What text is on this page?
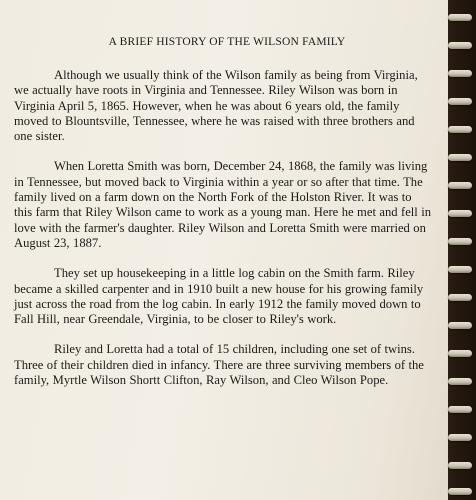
A BRIEF HISTORY OF THE WILSON FAMILY

Although we usually think of the Wilson family as being from Virginia, we actually have roots in Virginia and Tennessee. Riley Wilson was born in Virginia April 5, 1865. However, when he was about 6 years old, the family moved to Blountsville, Tennessee, where he was raised with three brothers and one sister.

When Loretta Smith was born, December 24, 1868, the family was living in Tennessee, but moved back to Virginia within a year or so after that time. The family lived on a farm down on the North Fork of the Holston River. It was to this farm that Riley Wilson came to work as a young man. Here he met and fell in love with the farmer's daughter. Riley Wilson and Loretta Smith were married on August 23, 1887.

They set up housekeeping in a little log cabin on the Smith farm. Riley became a skilled carpenter and in 1910 built a new house for his growing family just across the road from the log cabin. In early 1912 the family moved down to Fall Hill, near Greendale, Virginia, to be closer to Riley's work.

Riley and Loretta had a total of 15 children, including one set of twins. Three of their children died in infancy. There are three surviving members of the family, Myrtle Wilson Shortt Clifton, Ray Wilson, and Cleo Wilson Pope.
